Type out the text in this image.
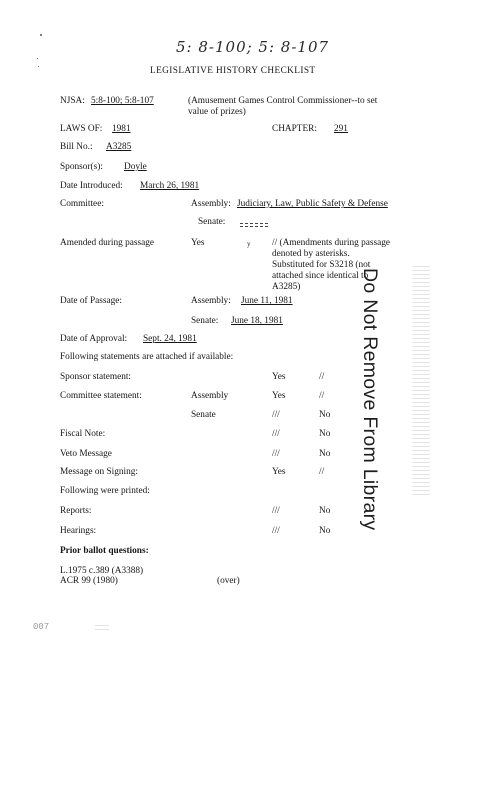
5: 8-100; 5: 8-107
LEGISLATIVE HISTORY CHECKLIST
NJSA: 5:8-100; 5:8-107	(Amusement Games Control Commissioner--to set
value of prizes)
LAWS OF: 1981	CHAPTER: 291
Bill No.: A3285
Sponsor(s): Doyle
Date Introduced: March 26, 1981
Committee:	Assembly: Judiciary, Law, Public Safety & Defense
Senate:
Amended during passage	Yes	y // (Amendments during passage
denoted by asterisks.
Substituted for S3218 (not
attached since identical to
A3285)
Date of Passage:	Assembly: June 11, 1981
Senate: June 18, 1981
Date of Approval: Sept. 24, 1981
Following statements are attached if available:
Sponsor statement:	Yes	//
Committee statement:	Assembly	Yes	//
Senate	///	No
Fiscal Note:	///	No
Veto Message	///	No
Message on Signing:	Yes	//
Following were printed:
Reports:	///	No
Hearings:	///	No
Prior ballot questions:
L.1975 c.389 (A3388)
ACR 99 (1980)	(over)
007
Do Not Remove From Library
